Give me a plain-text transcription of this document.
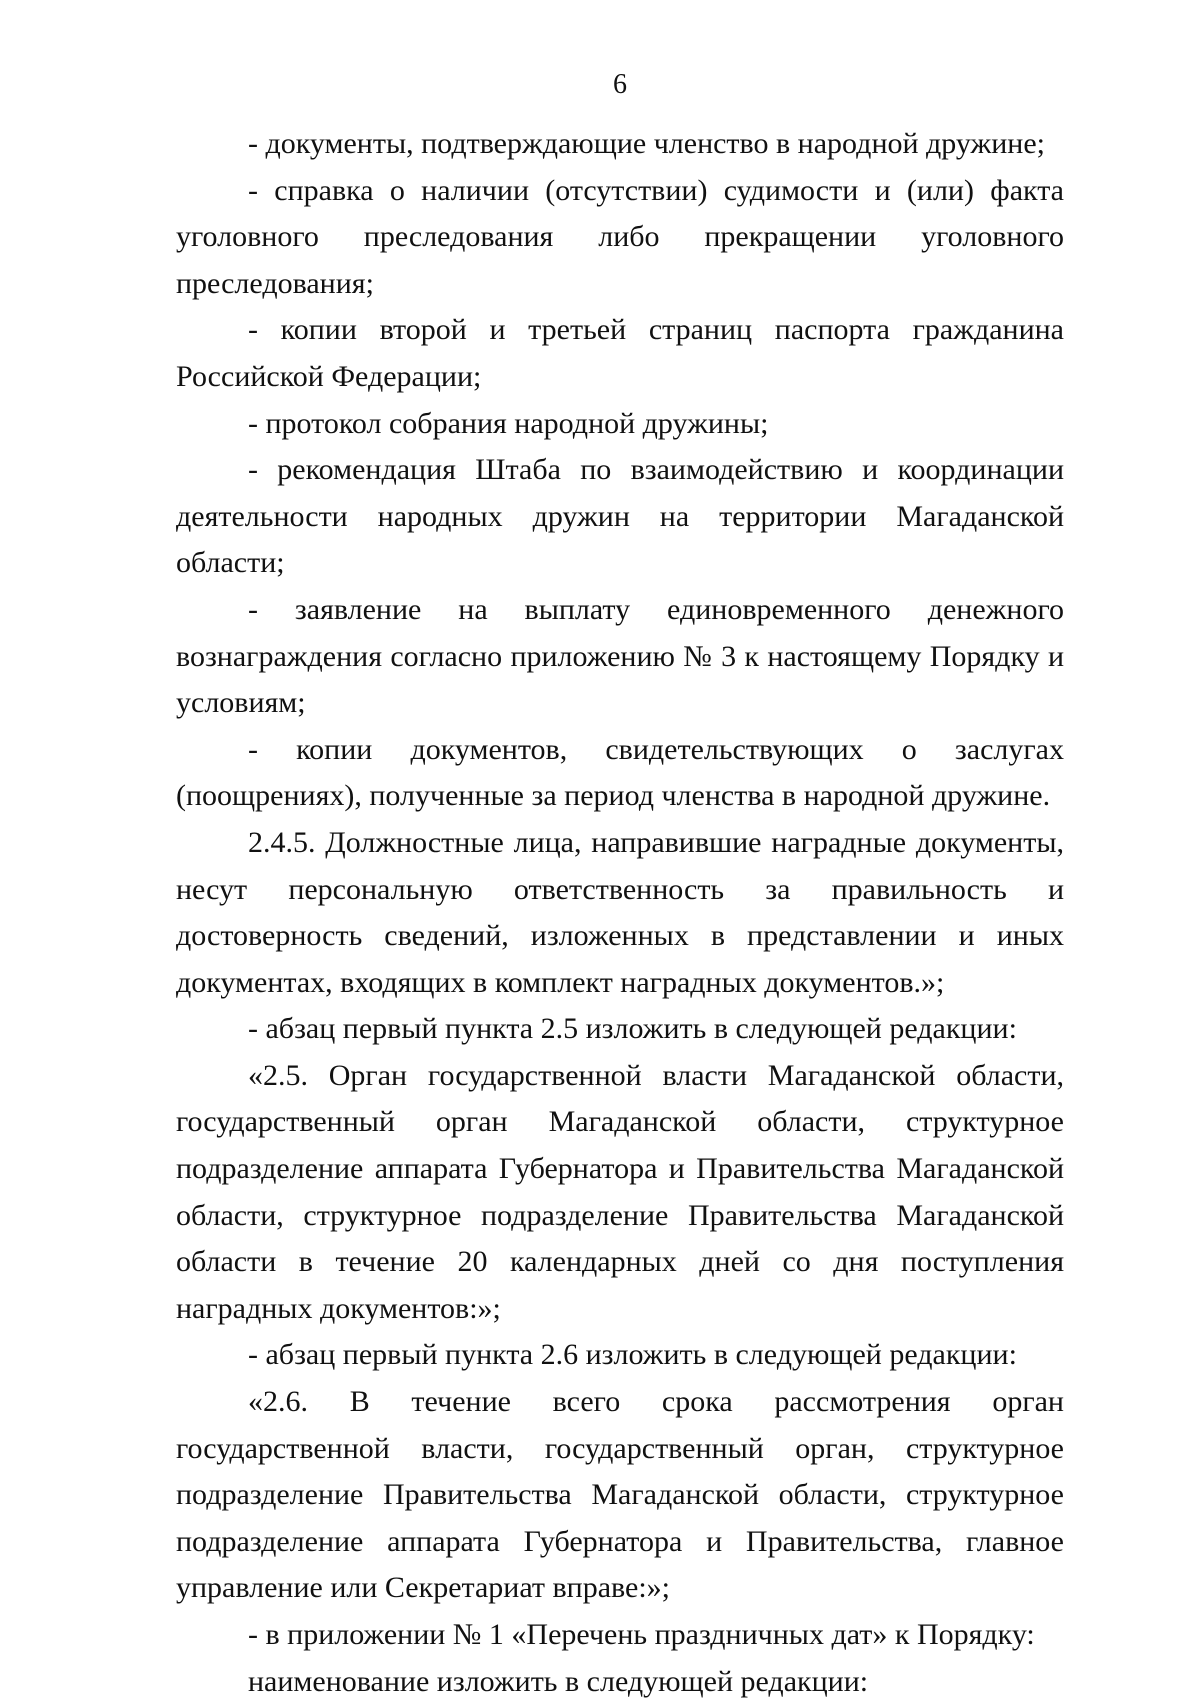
6

- документы, подтверждающие членство в народной дружине;

- справка о наличии (отсутствии) судимости и (или) факта уголовного преследования либо прекращении уголовного преследования;

- копии второй и третьей страниц паспорта гражданина Российской Федерации;

- протокол собрания народной дружины;

- рекомендация Штаба по взаимодействию и координации деятельности народных дружин на территории Магаданской области;

- заявление на выплату единовременного денежного вознаграждения согласно приложению № 3 к настоящему Порядку и условиям;

- копии документов, свидетельствующих о заслугах (поощрениях), полученные за период членства в народной дружине.

2.4.5. Должностные лица, направившие наградные документы, несут персональную ответственность за правильность и достоверность сведений, изложенных в представлении и иных документах, входящих в комплект наградных документов.»;

- абзац первый пункта 2.5 изложить в следующей редакции:

«2.5. Орган государственной власти Магаданской области, государственный орган Магаданской области, структурное подразделение аппарата Губернатора и Правительства Магаданской области, структурное подразделение Правительства Магаданской области в течение 20 календарных дней со дня поступления наградных документов:»;

- абзац первый пункта 2.6 изложить в следующей редакции:

«2.6. В течение всего срока рассмотрения орган государственной власти, государственный орган, структурное подразделение Правительства Магаданской области, структурное подразделение аппарата Губернатора и Правительства, главное управление или Секретариат вправе:»;

- в приложении № 1 «Перечень праздничных дат» к Порядку:

наименование изложить в следующей редакции:
